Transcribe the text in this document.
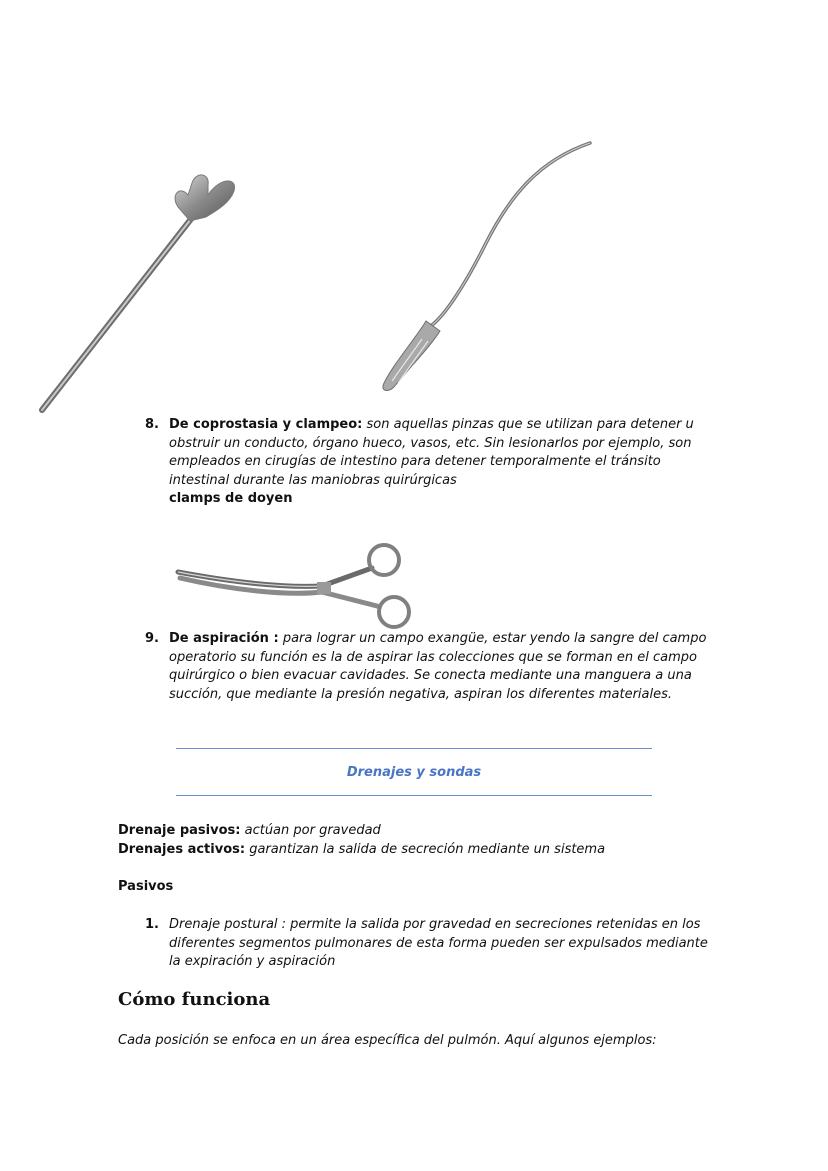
8. De coprostasia y clampeo: son aquellas pinzas que se utilizan para detener u obstruir un conducto, órgano hueco, vasos, etc. Sin lesionarlos por ejemplo, son empleados en cirugías de intestino para detener temporalmente el tránsito intestinal durante las maniobras quirúrgicas
clamps de doyen
9. De aspiración : para lograr un campo exangüe, estar yendo la sangre del campo operatorio su función es la de aspirar las colecciones que se forman en el campo quirúrgico o bien evacuar cavidades. Se conecta mediante una manguera a una succión, que mediante la presión negativa, aspiran los diferentes materiales.
Drenajes y sondas
Drenaje pasivos: actúan por gravedad
Drenajes activos: garantizan la salida de secreción mediante un sistema
Pasivos
1. Drenaje postural : permite la salida por gravedad en secreciones retenidas en los diferentes segmentos pulmonares de esta forma pueden ser expulsados mediante la expiración y aspiración
Cómo funciona
Cada posición se enfoca en un área específica del pulmón. Aquí algunos ejemplos:
